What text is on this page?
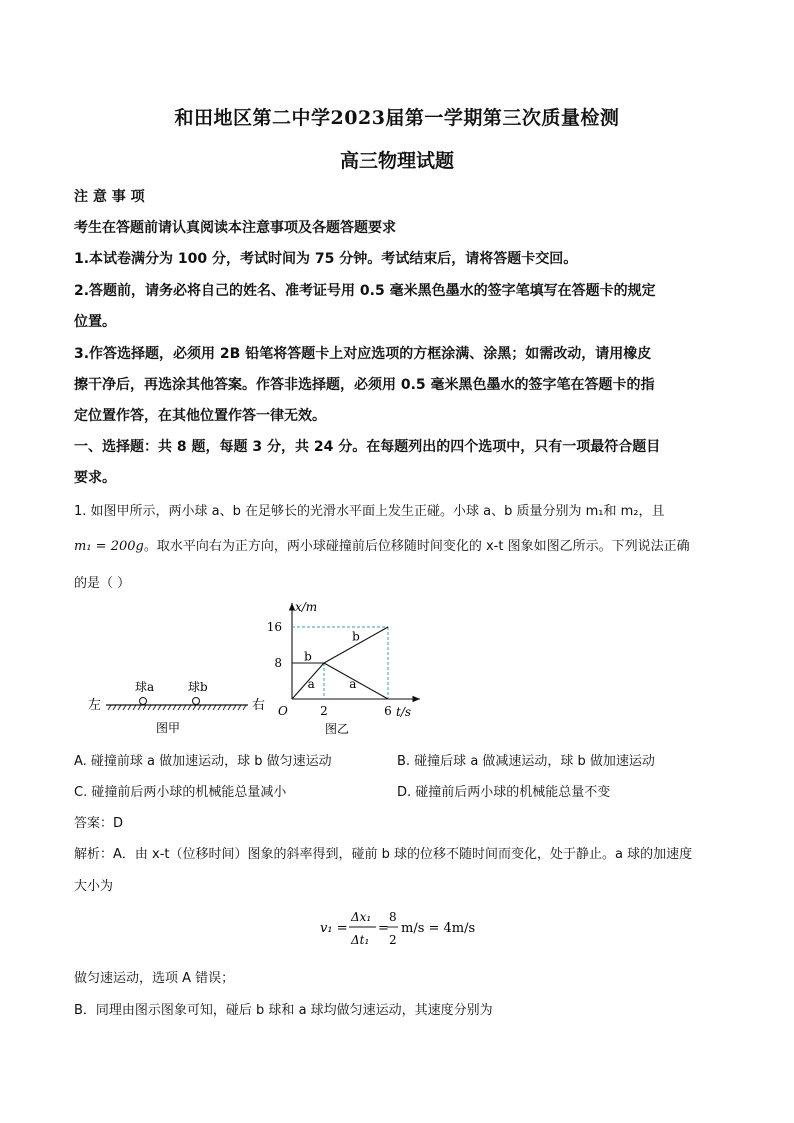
和田地区第二中学2023届第一学期第三次质量检测
高三物理试题
注 意 事 项
考生在答题前请认真阅读本注意事项及各题答题要求
1.本试卷满分为 100 分，考试时间为 75 分钟。考试结束后，请将答题卡交回。
2.答题前，请务必将自己的姓名、准考证号用 0.5 毫米黑色墨水的签字笔填写在答题卡的规定
位置。
3.作答选择题，必须用 2B 铅笔将答题卡上对应选项的方框涂满、涂黑；如需改动，请用橡皮
擦干净后，再选涂其他答案。作答非选择题，必须用 0.5 毫米黑色墨水的签字笔在答题卡的指
定位置作答，在其他位置作答一律无效。
一、选择题：共 8 题，每题 3 分，共 24 分。在每题列出的四个选项中，只有一项最符合题目
要求。
1. 如图甲所示，两小球 a、b 在足够长的光滑水平面上发生正碰。小球 a、b 质量分别为 m₁和 m₂，且
m₁ = 200g。取水平向右为正方向，两小球碰撞前后位移随时间变化的 x-t 图象如图乙所示。下列说法正确
的是（ ）
左	右
球a	球b
图甲
x/m
t/s
O
8
16
2	6
b
b
a	a
图乙
A. 碰撞前球 a 做加速运动，球 b 做匀速运动	B. 碰撞后球 a 做减速运动，球 b 做加速运动
C. 碰撞前后两小球的机械能总量减小	D. 碰撞前后两小球的机械能总量不变
答案：D
解析：A．由 x-t（位移时间）图象的斜率得到，碰前 b 球的位移不随时间而变化，处于静止。a 球的加速度
大小为
v₁ =
Δx₁
Δt₁
=
8
2
m/s = 4m/s
做匀速运动，选项 A 错误；
B．同理由图示图象可知，碰后 b 球和 a 球均做匀速运动，其速度分别为
